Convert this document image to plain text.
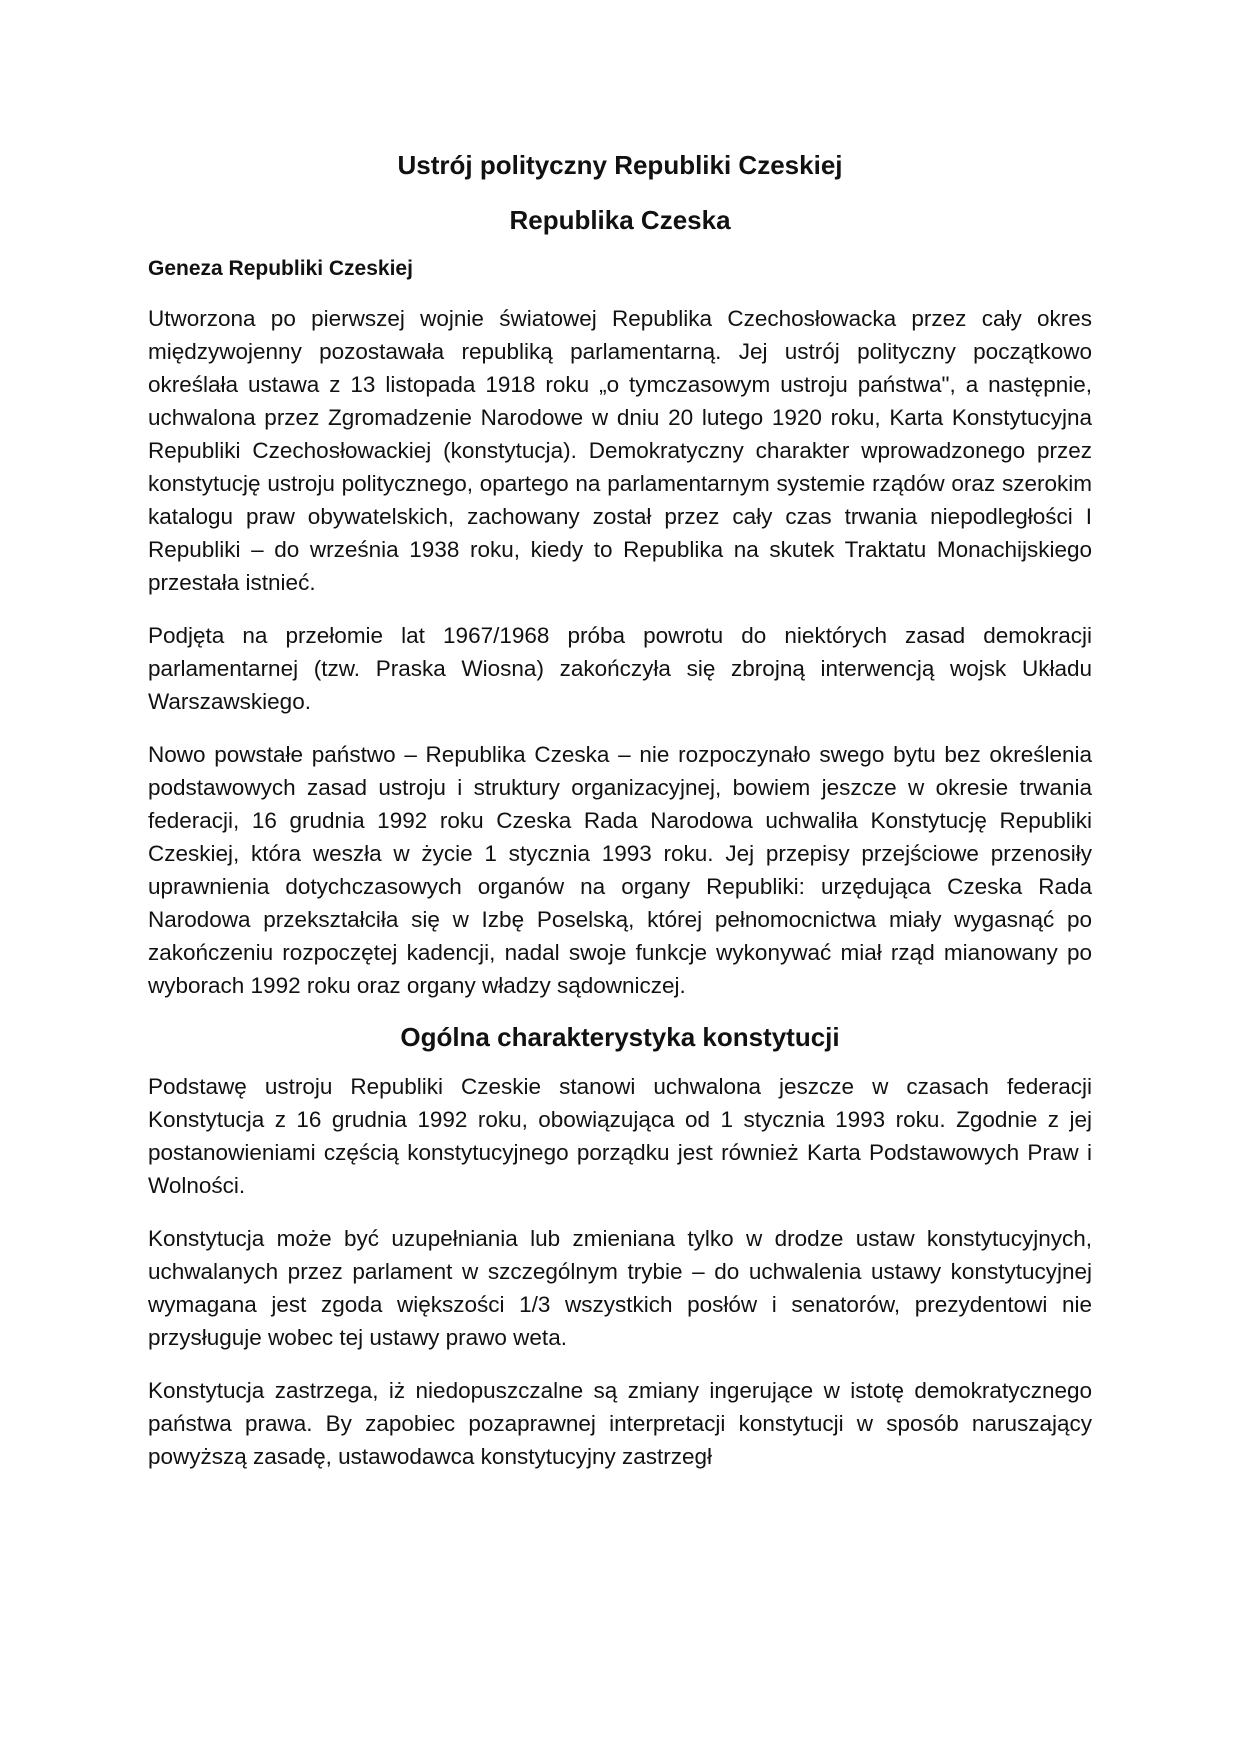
Ustrój polityczny Republiki Czeskiej
Republika Czeska
Geneza Republiki Czeskiej

Utworzona po pierwszej wojnie światowej Republika Czechosłowacka przez cały okres międzywojenny pozostawała republiką parlamentarną. Jej ustrój polityczny początkowo określała ustawa z 13 listopada 1918 roku „o tymczasowym ustroju państwa", a następnie, uchwalona przez Zgromadzenie Narodowe w dniu 20 lutego 1920 roku, Karta Konstytucyjna Republiki Czechosłowackiej (konstytucja). Demokratyczny charakter wprowadzonego przez konstytucję ustroju politycznego, opartego na parlamentarnym systemie rządów oraz szerokim katalogu praw obywatelskich, zachowany został przez cały czas trwania niepodległości I Republiki – do września 1938 roku, kiedy to Republika na skutek Traktatu Monachijskiego przestała istnieć.

Podjęta na przełomie lat 1967/1968 próba powrotu do niektórych zasad demokracji parlamentarnej (tzw. Praska Wiosna) zakończyła się zbrojną interwencją wojsk Układu Warszawskiego.

Nowo powstałe państwo – Republika Czeska – nie rozpoczynało swego bytu bez określenia podstawowych zasad ustroju i struktury organizacyjnej, bowiem jeszcze w okresie trwania federacji, 16 grudnia 1992 roku Czeska Rada Narodowa uchwaliła Konstytucję Republiki Czeskiej, która weszła w życie 1 stycznia 1993 roku. Jej przepisy przejściowe przenosiły uprawnienia dotychczasowych organów na organy Republiki: urzędująca Czeska Rada Narodowa przekształciła się w Izbę Poselską, której pełnomocnictwa miały wygasnąć po zakończeniu rozpoczętej kadencji, nadal swoje funkcje wykonywać miał rząd mianowany po wyborach 1992 roku oraz organy władzy sądowniczej.

Ogólna charakterystyka konstytucji

Podstawę ustroju Republiki Czeskie stanowi uchwalona jeszcze w czasach federacji Konstytucja z 16 grudnia 1992 roku, obowiązująca od 1 stycznia 1993 roku. Zgodnie z jej postanowieniami częścią konstytucyjnego porządku jest również Karta Podstawowych Praw i Wolności.

Konstytucja może być uzupełniania lub zmieniana tylko w drodze ustaw konstytucyjnych, uchwalanych przez parlament w szczególnym trybie – do uchwalenia ustawy konstytucyjnej wymagana jest zgoda większości 1/3 wszystkich posłów i senatorów, prezydentowi nie przysługuje wobec tej ustawy prawo weta.

Konstytucja zastrzega, iż niedopuszczalne są zmiany ingerujące w istotę demokratycznego państwa prawa. By zapobiec pozaprawnej interpretacji konstytucji w sposób naruszający powyższą zasadę, ustawodawca konstytucyjny zastrzegł
